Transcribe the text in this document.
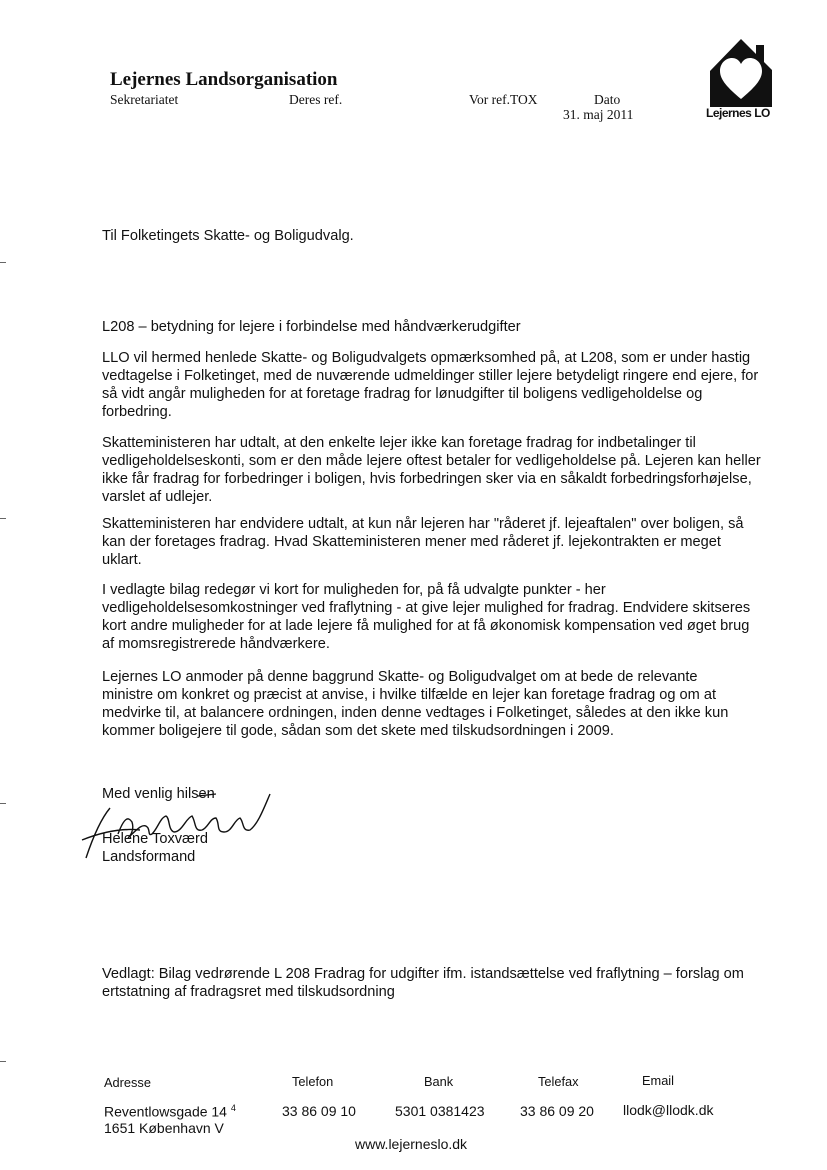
Lejernes Landsorganisation
Sekretariatet	Deres ref.	Vor ref.TOX	Dato
31. maj 2011	Lejernes LO
Til Folketingets Skatte- og Boligudvalg.
L208 – betydning for lejere i forbindelse med håndværkerudgifter
LLO vil hermed henlede Skatte- og Boligudvalgets opmærksomhed på, at L208, som er under hastig
vedtagelse i Folketinget, med de nuværende udmeldinger stiller lejere betydeligt ringere end ejere, for
så vidt angår muligheden for at foretage fradrag for lønudgifter til boligens vedligeholdelse og
forbedring.
Skatteministeren har udtalt, at den enkelte lejer ikke kan foretage fradrag for indbetalinger til
vedligeholdelseskonti, som er den måde lejere oftest betaler for vedligeholdelse på. Lejeren kan heller
ikke får fradrag for forbedringer i boligen, hvis forbedringen sker via en såkaldt forbedringsforhøjelse,
varslet af udlejer.
Skatteministeren har endvidere udtalt, at kun når lejeren har "råderet jf. lejeaftalen" over boligen, så
kan der foretages fradrag. Hvad Skatteministeren mener med råderet jf. lejekontrakten er meget
uklart.
I vedlagte bilag redegør vi kort for muligheden for, på få udvalgte punkter - her
vedligeholdelsesomkostninger ved fraflytning - at give lejer mulighed for fradrag. Endvidere skitseres
kort andre muligheder for at lade lejere få mulighed for at få økonomisk kompensation ved øget brug
af momsregistrerede håndværkere.
Lejernes LO anmoder på denne baggrund Skatte- og Boligudvalget om at bede de relevante
ministre om konkret og præcist at anvise, i hvilke tilfælde en lejer kan foretage fradrag og om at
medvirke til, at balancere ordningen, inden denne vedtages i Folketinget, således at den ikke kun
kommer boligejere til gode, sådan som det skete med tilskudsordningen i 2009.
Med venlig hilsen
Helene Toxværd
Landsformand
Vedlagt: Bilag vedrørende L 208 Fradrag for udgifter ifm. istandsættelse ved fraflytning – forslag om
ertstatning af fradragsret med tilskudsordning
Adresse	Telefon	Bank	Telefax	Email
Reventlowsgade 14 $^4$
1651 København V
33 86 09 10	5301 0381423	33 86 09 20 llodk@llodk.dk
www.lejerneslo.dk
